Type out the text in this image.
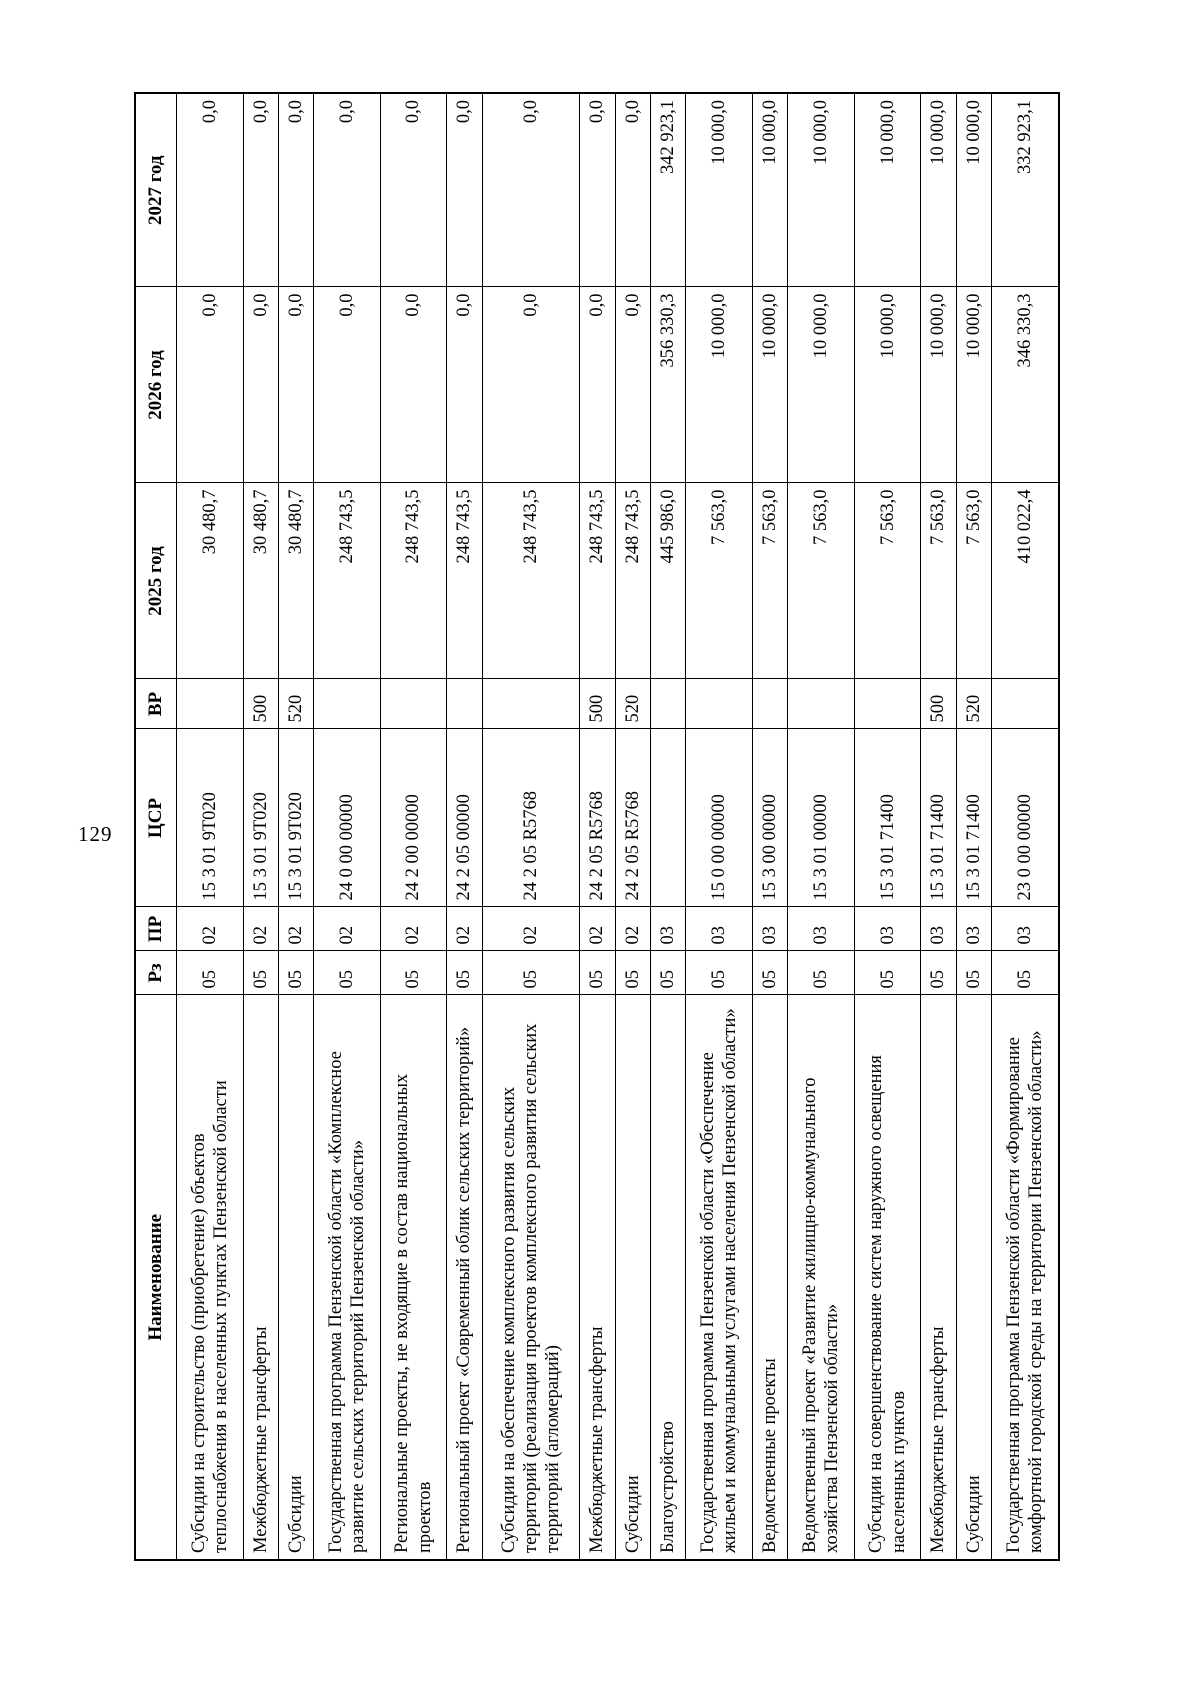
129
Наименование	Рз	ПР	ЦСР	ВР	2025 год	2026 год	2027 год
Субсидии на строительство (приобретение) объектов теплоснабжения в населенных пунктах Пензенской области	05	02	15 3 01 9Т020		30 480,7	0,0	0,0
Межбюджетные трансферты	05	02	15 3 01 9Т020	500	30 480,7	0,0	0,0
Субсидии	05	02	15 3 01 9Т020	520	30 480,7	0,0	0,0
Государственная программа Пензенской области «Комплексное развитие сельских территорий Пензенской области»	05	02	24 0 00 00000		248 743,5	0,0	0,0
Региональные проекты, не входящие в состав национальных проектов	05	02	24 2 00 00000		248 743,5	0,0	0,0
Региональный проект «Современный облик сельских территорий»	05	02	24 2 05 00000		248 743,5	0,0	0,0
Субсидии на обеспечение комплексного развития сельских территорий (реализация проектов комплексного развития сельских территорий (агломераций)	05	02	24 2 05 R5768		248 743,5	0,0	0,0
Межбюджетные трансферты	05	02	24 2 05 R5768	500	248 743,5	0,0	0,0
Субсидии	05	02	24 2 05 R5768	520	248 743,5	0,0	0,0
Благоустройство	05	03			445 986,0	356 330,3	342 923,1
Государственная программа Пензенской области «Обеспечение жильем и коммунальными услугами населения Пензенской области»	05	03	15 0 00 00000		7 563,0	10 000,0	10 000,0
Ведомственные проекты	05	03	15 3 00 00000		7 563,0	10 000,0	10 000,0
Ведомственный проект «Развитие жилищно-коммунального хозяйства Пензенской области»	05	03	15 3 01 00000		7 563,0	10 000,0	10 000,0
Субсидии на совершенствование систем наружного освещения населенных пунктов	05	03	15 3 01 71400		7 563,0	10 000,0	10 000,0
Межбюджетные трансферты	05	03	15 3 01 71400	500	7 563,0	10 000,0	10 000,0
Субсидии	05	03	15 3 01 71400	520	7 563,0	10 000,0	10 000,0
Государственная программа Пензенской области «Формирование комфортной городской среды на территории Пензенской области»	05	03	23 0 00 00000		410 022,4	346 330,3	332 923,1
